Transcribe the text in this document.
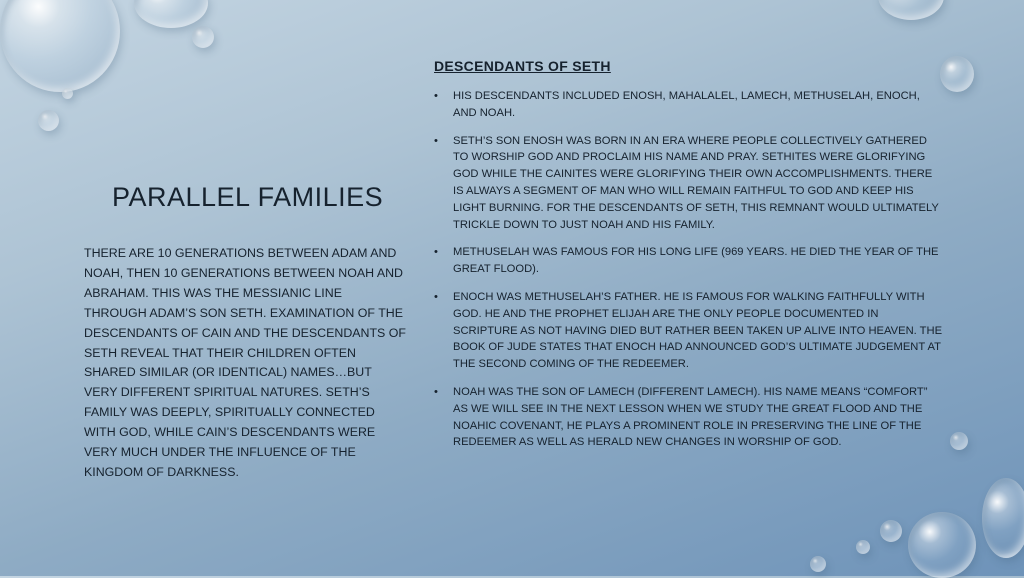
PARALLEL FAMILIES

THERE ARE 10 GENERATIONS BETWEEN ADAM AND NOAH, THEN 10 GENERATIONS BETWEEN NOAH AND ABRAHAM. THIS WAS THE MESSIANIC LINE THROUGH ADAM’S SON SETH. EXAMINATION OF THE DESCENDANTS OF CAIN AND THE DESCENDANTS OF SETH REVEAL THAT THEIR CHILDREN OFTEN SHARED SIMILAR (OR IDENTICAL) NAMES…BUT VERY DIFFERENT SPIRITUAL NATURES. SETH’S FAMILY WAS DEEPLY, SPIRITUALLY CONNECTED WITH GOD, WHILE CAIN’S DESCENDANTS WERE VERY MUCH UNDER THE INFLUENCE OF THE KINGDOM OF DARKNESS.

DESCENDANTS OF SETH
• HIS DESCENDANTS INCLUDED ENOSH, MAHALALEL, LAMECH, METHUSELAH, ENOCH, AND NOAH.
• SETH’S SON ENOSH WAS BORN IN AN ERA WHERE PEOPLE COLLECTIVELY GATHERED TO WORSHIP GOD AND PROCLAIM HIS NAME AND PRAY. SETHITES WERE GLORIFYING GOD WHILE THE CAINITES WERE GLORIFYING THEIR OWN ACCOMPLISHMENTS. THERE IS ALWAYS A SEGMENT OF MAN WHO WILL REMAIN FAITHFUL TO GOD AND KEEP HIS LIGHT BURNING. FOR THE DESCENDANTS OF SETH, THIS REMNANT WOULD ULTIMATELY TRICKLE DOWN TO JUST NOAH AND HIS FAMILY.
• METHUSELAH WAS FAMOUS FOR HIS LONG LIFE (969 YEARS. HE DIED THE YEAR OF THE GREAT FLOOD).
• ENOCH WAS METHUSELAH’S FATHER. HE IS FAMOUS FOR WALKING FAITHFULLY WITH GOD. HE AND THE PROPHET ELIJAH ARE THE ONLY PEOPLE DOCUMENTED IN SCRIPTURE AS NOT HAVING DIED BUT RATHER BEEN TAKEN UP ALIVE INTO HEAVEN. THE BOOK OF JUDE STATES THAT ENOCH HAD ANNOUNCED GOD’S ULTIMATE JUDGEMENT AT THE SECOND COMING OF THE REDEEMER.
• NOAH WAS THE SON OF LAMECH (DIFFERENT LAMECH). HIS NAME MEANS “COMFORT” AS WE WILL SEE IN THE NEXT LESSON WHEN WE STUDY THE GREAT FLOOD AND THE NOAHIC COVENANT, HE PLAYS A PROMINENT ROLE IN PRESERVING THE LINE OF THE REDEEMER AS WELL AS HERALD NEW CHANGES IN WORSHIP OF GOD.
